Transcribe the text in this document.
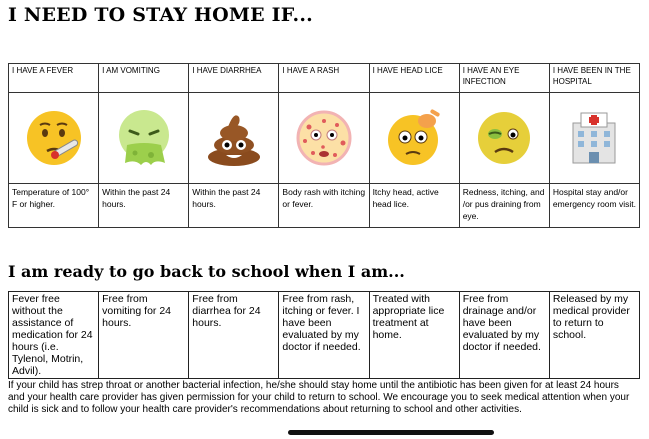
I NEED TO STAY HOME IF...
I HAVE A FEVER	I AM VOMITING	I HAVE DIARRHEA	I HAVE A RASH	I HAVE HEAD LICE	I HAVE AN EYE INFECTION	I HAVE BEEN IN THE HOSPITAL

Temperature of 100° F or higher.	Within the past 24 hours.	Within the past 24 hours.	Body rash with itching or fever.	Itchy head, active head lice.	Redness, itching, and /or pus draining from eye.	Hospital stay and/or emergency room visit.
I am ready to go back to school when I am...
Fever free without the assistance of medication for 24 hours (i.e. Tylenol, Motrin, Advil).	Free from vomiting for 24 hours.	Free from diarrhea for 24 hours.	Free from rash, itching or fever. I have been evaluated by my doctor if needed.	Treated with appropriate lice treatment at home.	Free from drainage and/or have been evaluated by my doctor if needed.	Released by my medical provider to return to school.
If your child has strep throat or another bacterial infection, he/she should stay home until the antibiotic has been given for at least 24 hours and your health care provider has given permission for your child to return to school. We encourage you to seek medical attention when your child is sick and to follow your health care provider's recommendations about returning to school and other activities.
